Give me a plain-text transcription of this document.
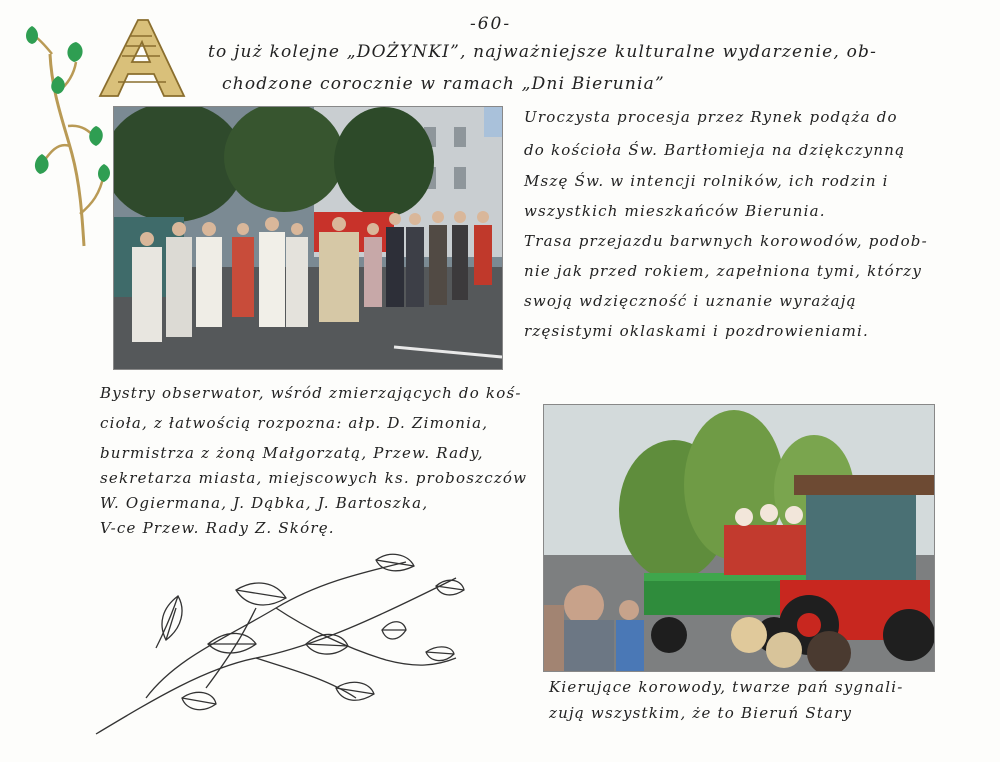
-60-
to już kolejne „DOŻYNKI”, najważniejsze kulturalne wydarzenie, ob-
chodzone corocznie w ramach „Dni Bierunia”
Uroczysta procesja przez Rynek podąża do
do kościoła Św. Bartłomieja na dziękczynną
Mszę Św. w intencji rolników, ich rodzin i
wszystkich mieszkańców Bierunia.
Trasa przejazdu barwnych korowodów, podob-
nie jak przed rokiem, zapełniona tymi, którzy
swoją wdzięczność i uznanie wyrażają
rzęsistymi oklaskami i pozdrowieniami.
Bystry obserwator, wśród zmierzających do koś-
cioła, z łatwością rozpozna: ałp. D. Zimonia,
burmistrza z żoną Małgorzatą, Przew. Rady,
sekretarza miasta, miejscowych ks. proboszczów
W. Ogiermana, J. Dąbka, J. Bartoszka,
V-ce Przew. Rady Z. Skórę.
Kierujące korowody, twarze pań sygnali-
zują wszystkim, że to Bieruń Stary
